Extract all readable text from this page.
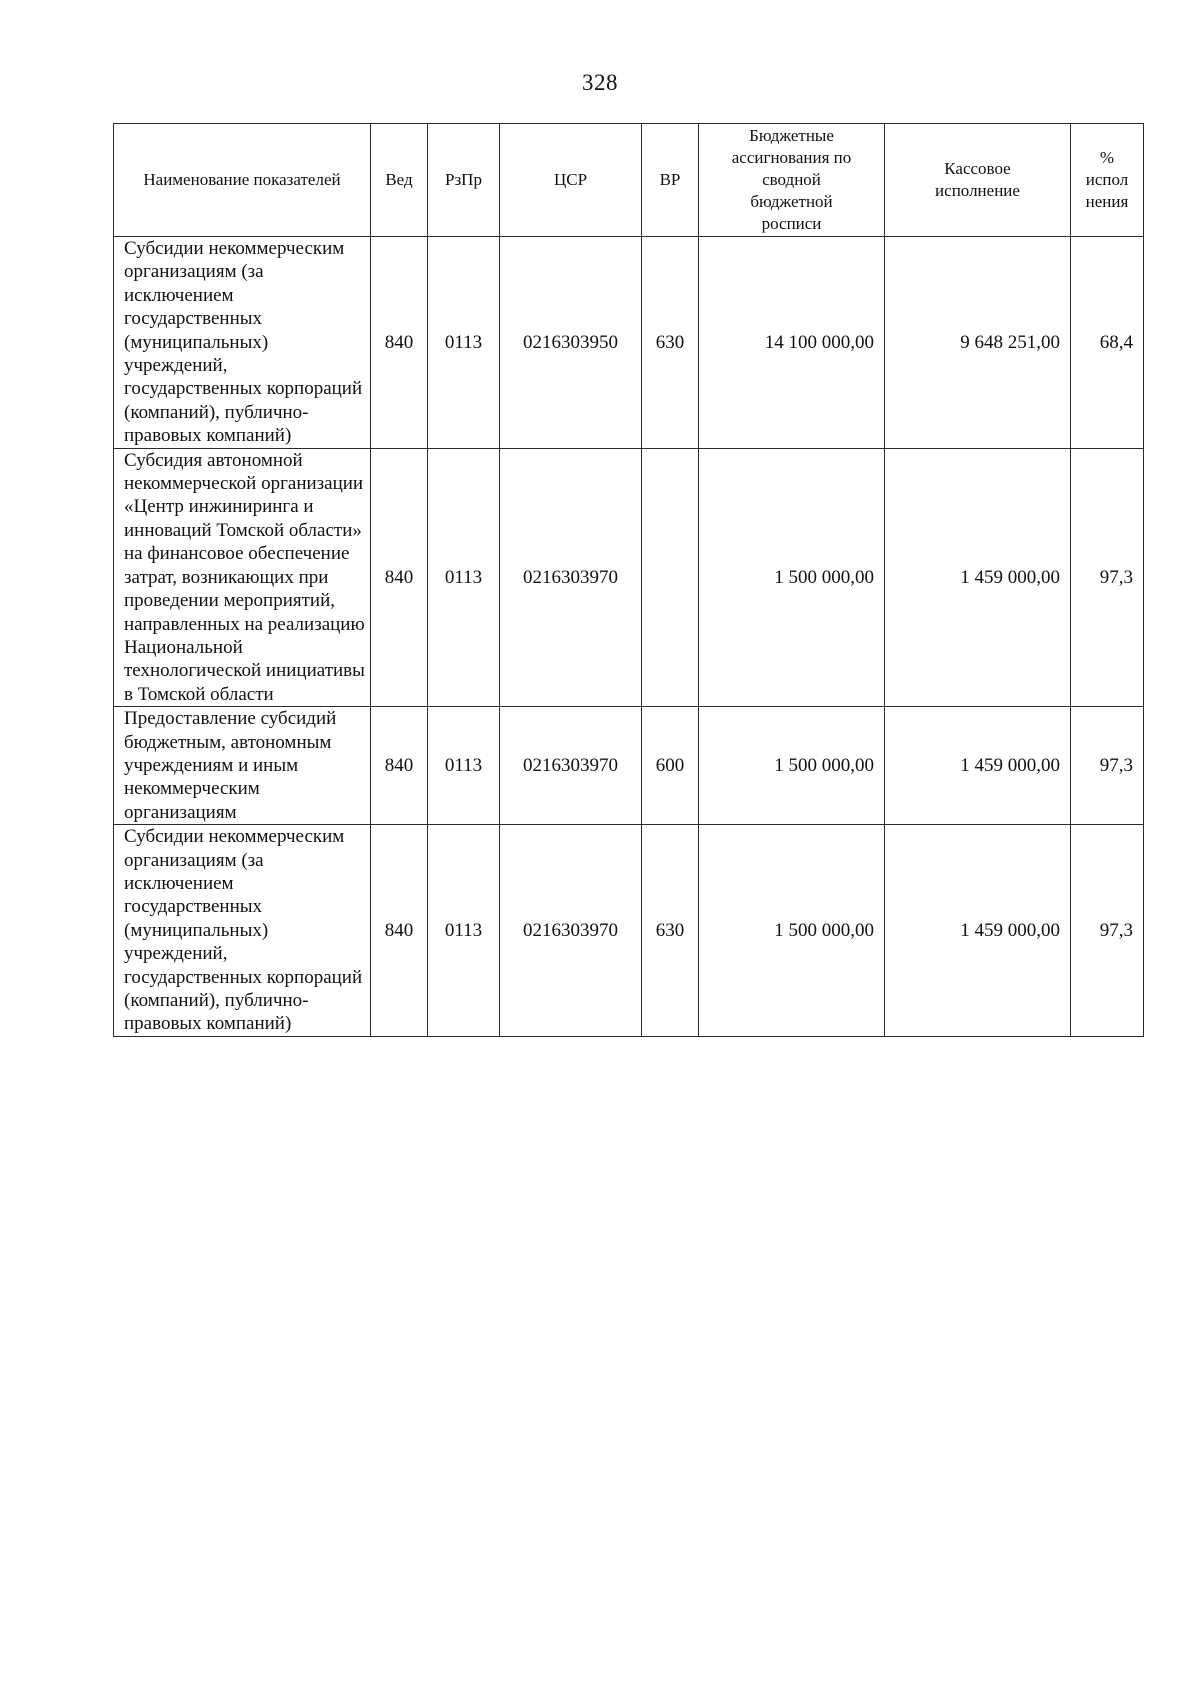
328
Наименование показателей	Вед	РзПр	ЦСР	ВР	Бюджетные ассигнования по сводной бюджетной росписи	Кассовое исполнение	% испол нения
Субсидии некоммерческим организациям (за исключением государственных (муниципальных) учреждений, государственных корпораций (компаний), публично-правовых компаний)	840	0113	0216303950	630	14 100 000,00	9 648 251,00	68,4
Субсидия автономной некоммерческой организации «Центр инжиниринга и инноваций Томской области» на финансовое обеспечение затрат, возникающих при проведении мероприятий, направленных на реализацию Национальной технологической инициативы в Томской области	840	0113	0216303970		1 500 000,00	1 459 000,00	97,3
Предоставление субсидий бюджетным, автономным учреждениям и иным некоммерческим организациям	840	0113	0216303970	600	1 500 000,00	1 459 000,00	97,3
Субсидии некоммерческим организациям (за исключением государственных (муниципальных) учреждений, государственных корпораций (компаний), публично-правовых компаний)	840	0113	0216303970	630	1 500 000,00	1 459 000,00	97,3
